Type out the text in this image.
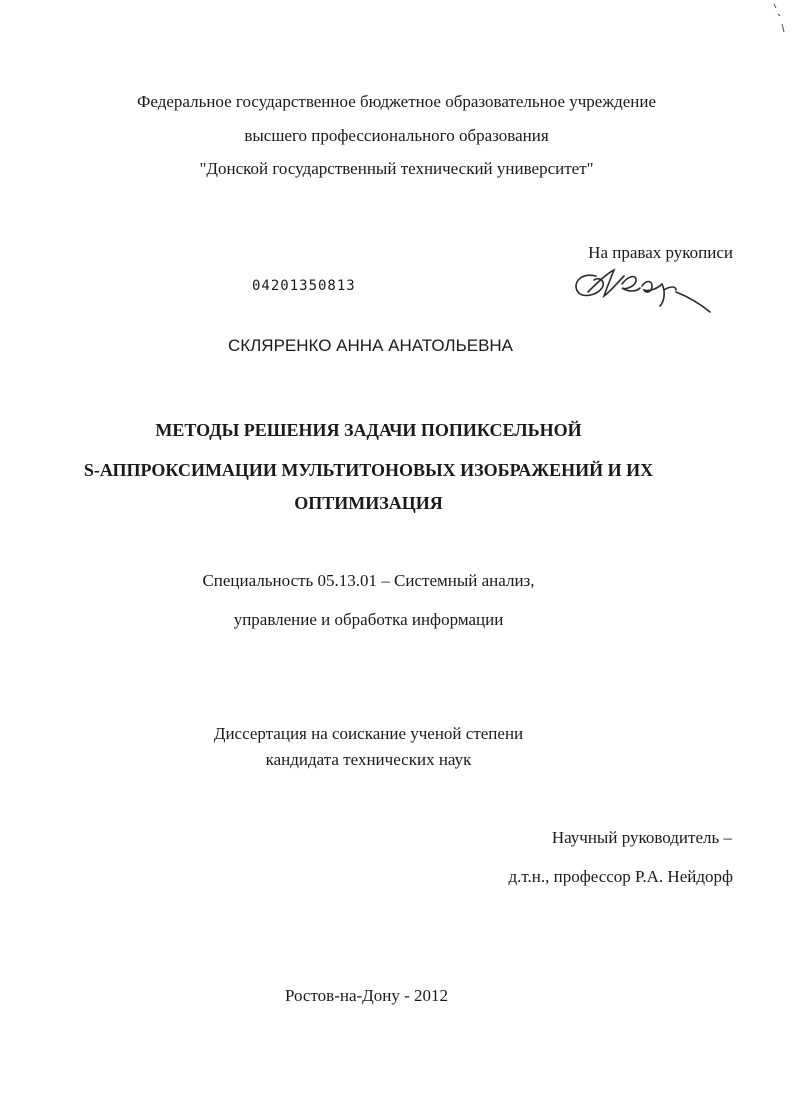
Федеральное государственное бюджетное образовательное учреждение
высшего профессионального образования
"Донской государственный технический университет"
На правах рукописи
04201350813
СКЛЯРЕНКО АННА АНАТОЛЬЕВНА
МЕТОДЫ РЕШЕНИЯ ЗАДАЧИ ПОПИКСЕЛЬНОЙ
S-АППРОКСИМАЦИИ МУЛЬТИТОНОВЫХ ИЗОБРАЖЕНИЙ И ИХ
ОПТИМИЗАЦИЯ
Специальность 05.13.01 – Системный анализ,
управление и обработка информации
Диссертация на соискание ученой степени
кандидата технических наук
Научный руководитель –
д.т.н., профессор Р.А. Нейдорф
Ростов-на-Дону - 2012
